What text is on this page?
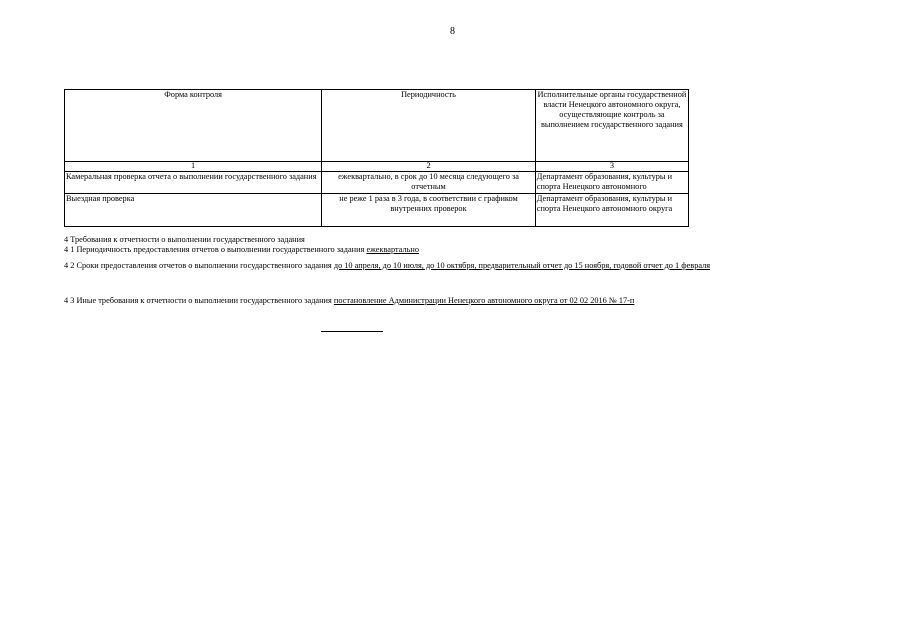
8
Форма контроля	Периодичность	Исполнительные органы государственной власти Ненецкого автономного округа, осуществляющие контроль за выполнением государственного задания
1	2	3
Камеральная проверка отчета о выполнении государственного задания	ежеквартально, в срок до 10 месяца следующего за отчетным	Департамент образования, культуры и спорта Ненецкого автономного
Выездная проверка	не реже 1 раза в 3 года, в соответствии с графиком внутренних проверок	Департамент образования, культуры и спорта Ненецкого автономного округа
4 Требования к отчетности о выполнении государственного задания
4 1 Периодичность предоставления отчетов о выполнении государственного задания ежеквартально
4 2 Сроки предоставления отчетов о выполнении государственного задания до 10 апреля, до 10 июля, до 10 октября, предварительный отчет до 15 ноября, годовой отчет до 1 февраля
4 3 Иные требования к отчетности о выполнении государственного задания постановление Администрации Ненецкого автономного округа от 02 02 2016 № 17-п
